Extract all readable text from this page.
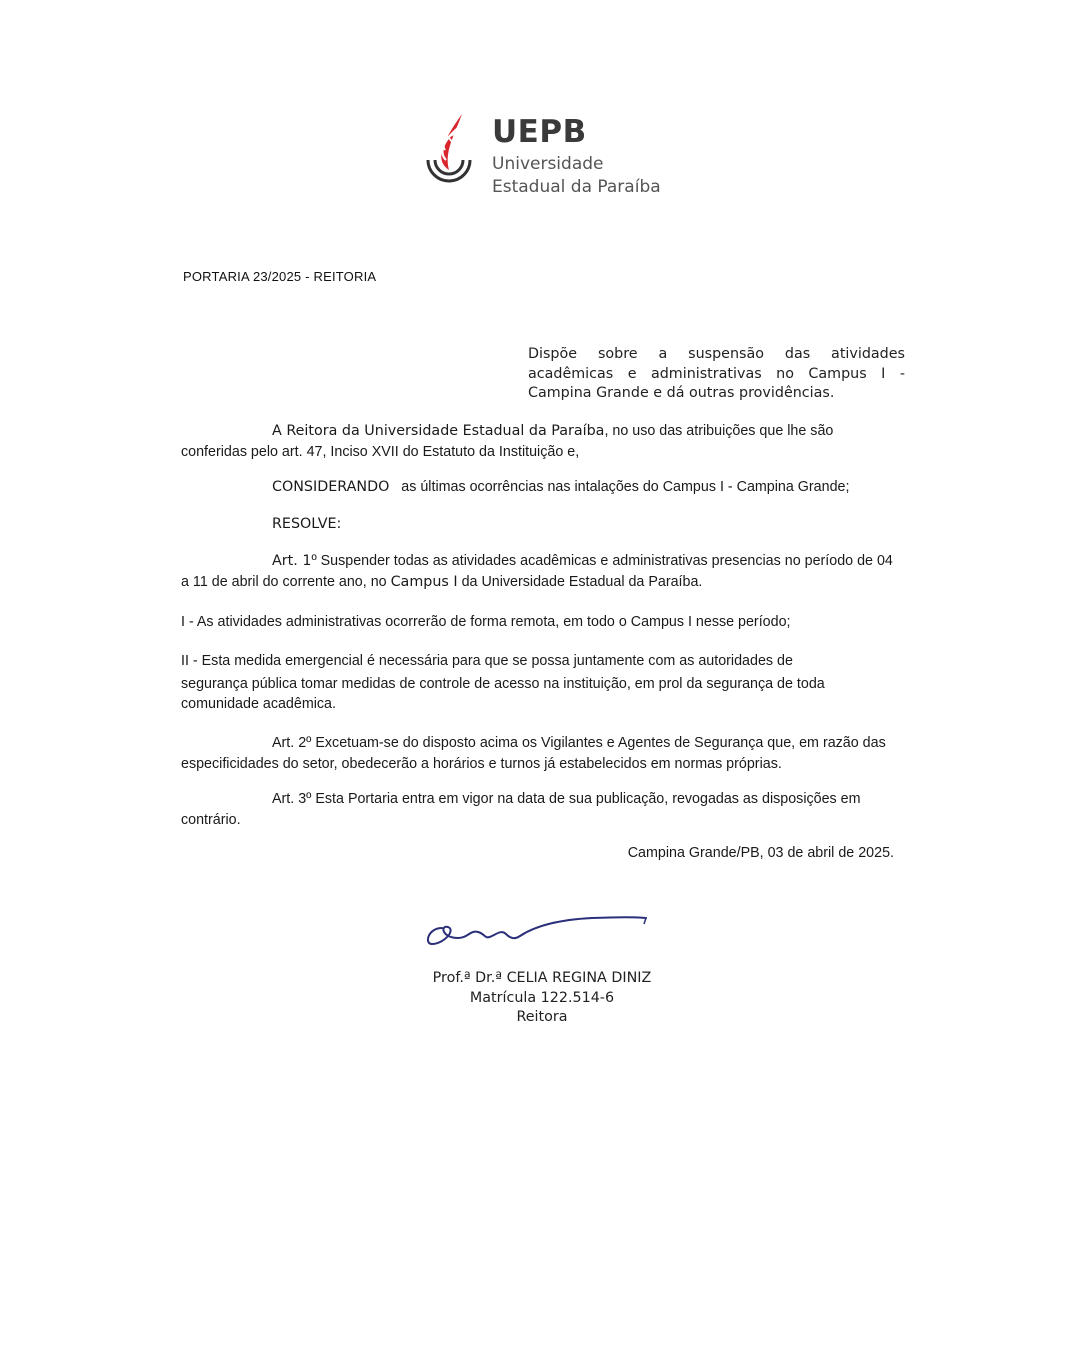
UEPB
Universidade
Estadual da Paraíba
PORTARIA 23/2025 - REITORIA
Dispõe sobre a suspensão das atividades acadêmicas e administrativas no Campus I - Campina Grande e dá outras providências.
A Reitora da Universidade Estadual da Paraíba, no uso das atribuições que lhe são conferidas pelo art. 47, Inciso XVII do Estatuto da Instituição e,
CONSIDERANDO as últimas ocorrências nas intalações do Campus I - Campina Grande;
RESOLVE:
Art. 1º Suspender todas as atividades acadêmicas e administrativas presencias no período de 04 a 11 de abril do corrente ano, no Campus I da Universidade Estadual da Paraíba.
I - As atividades administrativas ocorrerão de forma remota, em todo o Campus I nesse período;
II - Esta medida emergencial é necessária para que se possa juntamente com as autoridades de
segurança pública tomar medidas de controle de acesso na instituição, em prol da segurança de toda comunidade acadêmica.
Art. 2º Excetuam-se do disposto acima os Vigilantes e Agentes de Segurança que, em razão das especificidades do setor, obedecerão a horários e turnos já estabelecidos em normas próprias.
Art. 3º Esta Portaria entra em vigor na data de sua publicação, revogadas as disposições em contrário.
Campina Grande/PB, 03 de abril de 2025.
Prof.ª Dr.ª CELIA REGINA DINIZ
Matrícula 122.514-6
Reitora
